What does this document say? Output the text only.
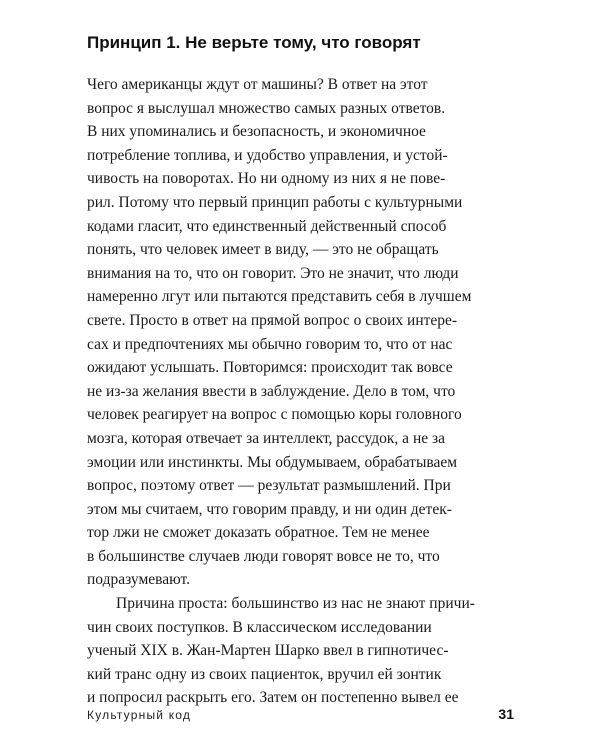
Принцип 1. Не верьте тому, что говорят
Чего американцы ждут от машины? В ответ на этот
вопрос я выслушал множество самых разных ответов.
В них упоминались и безопасность, и экономичное
потребление топлива, и удобство управления, и устой-
чивость на поворотах. Но ни одному из них я не пове-
рил. Потому что первый принцип работы с культурными
кодами гласит, что единственный действенный способ
понять, что человек имеет в виду, — это не обращать
внимания на то, что он говорит. Это не значит, что люди
намеренно лгут или пытаются представить себя в лучшем
свете. Просто в ответ на прямой вопрос о своих интере-
сах и предпочтениях мы обычно говорим то, что от нас
ожидают услышать. Повторимся: происходит так вовсе
не из-за желания ввести в заблуждение. Дело в том, что
человек реагирует на вопрос с помощью коры головного
мозга, которая отвечает за интеллект, рассудок, а не за
эмоции или инстинкты. Мы обдумываем, обрабатываем
вопрос, поэтому ответ — результат размышлений. При
этом мы считаем, что говорим правду, и ни один детек-
тор лжи не сможет доказать обратное. Тем не менее
в большинстве случаев люди говорят вовсе не то, что
подразумевают.
Причина проста: большинство из нас не знают причи-
чин своих поступков. В классическом исследовании
ученый XIX в. Жан-Мартен Шарко ввел в гипнотичес-
кий транс одну из своих пациенток, вручил ей зонтик
и попросил раскрыть его. Затем он постепенно вывел ее
Культурный код	31
